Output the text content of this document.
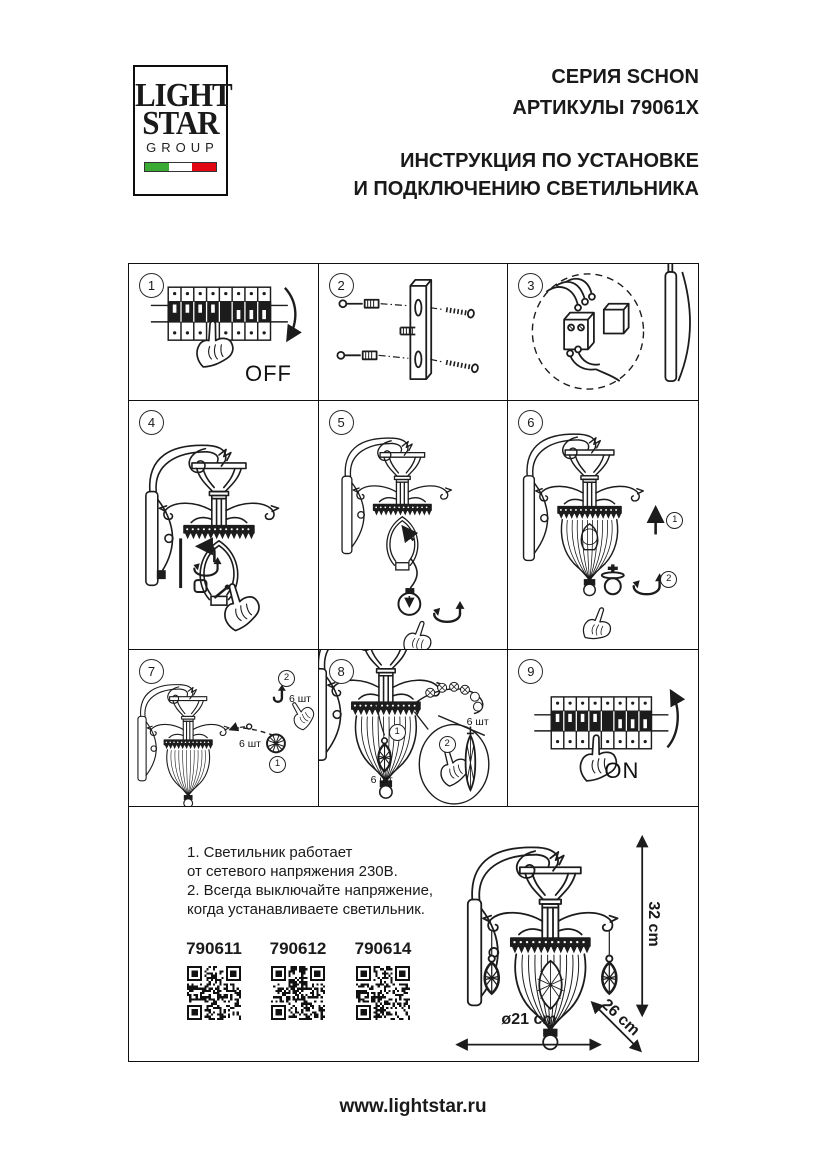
LIGHT
STAR
GROUP
СЕРИЯ SCHON
АРТИКУЛЫ 79061X
ИНСТРУКЦИЯ ПО УСТАНОВКЕ
И ПОДКЛЮЧЕНИЮ СВЕТИЛЬНИКА
1
OFF
2	3
4	5	6
1
2
7	2
6 шт
6 шт
1
8
6 шт
1
6 шт
2
9
ON
1. Светильник работает
от сетевого напряжения 230В.
2. Всегда выключайте напряжение,
когда устанавливаете светильник.
790611 790612 790614
32 cm
26 cm
ø21 cm
www.lightstar.ru
